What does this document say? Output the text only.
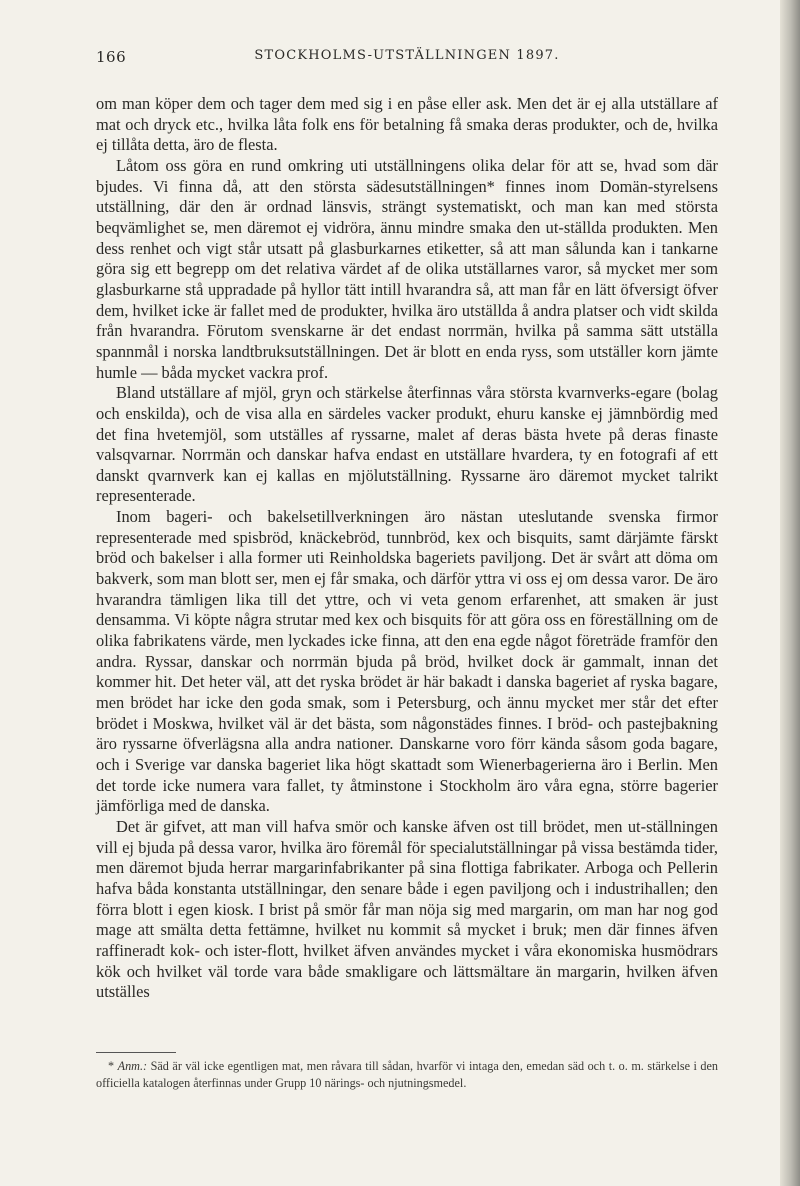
166	STOCKHOLMS-UTSTÄLLNINGEN 1897.

om man köper dem och tager dem med sig i en påse eller ask. Men det är ej alla utställare af mat och dryck etc., hvilka låta folk ens för betalning få smaka deras produkter, och de, hvilka ej tillåta detta, äro de flesta.

Låtom oss göra en rund omkring uti utställningens olika delar för att se, hvad som där bjudes. Vi finna då, att den största sädesutställningen* finnes inom Domän-styrelsens utställning, där den är ordnad länsvis, strängt systematiskt, och man kan med största beqvämlighet se, men däremot ej vidröra, ännu mindre smaka den ut-ställda produkten. Men dess renhet och vigt står utsatt på glasburkarnes etiketter, så att man sålunda kan i tankarne göra sig ett begrepp om det relativa värdet af de olika utställarnes varor, så mycket mer som glasburkarne stå uppradade på hyllor tätt intill hvarandra så, att man får en lätt öfversigt öfver dem, hvilket icke är fallet med de produkter, hvilka äro utställda å andra platser och vidt skilda från hvarandra. Förutom svenskarne är det endast norrmän, hvilka på samma sätt utställa spannmål i norska landtbruksutställningen. Det är blott en enda ryss, som utställer korn jämte humle — båda mycket vackra prof.

Bland utställare af mjöl, gryn och stärkelse återfinnas våra största kvarnverks-egare (bolag och enskilda), och de visa alla en särdeles vacker produkt, ehuru kanske ej jämnbördig med det fina hvetemjöl, som utställes af ryssarne, malet af deras bästa hvete på deras finaste valsqvarnar. Norrmän och danskar hafva endast en utställare hvardera, ty en fotografi af ett danskt qvarnverk kan ej kallas en mjölutställning. Ryssarne äro däremot mycket talrikt representerade.

Inom bageri- och bakelsetillverkningen äro nästan uteslutande svenska firmor representerade med spisbröd, knäckebröd, tunnbröd, kex och bisquits, samt därjämte färskt bröd och bakelser i alla former uti Reinholdska bageriets paviljong. Det är svårt att döma om bakverk, som man blott ser, men ej får smaka, och därför yttra vi oss ej om dessa varor. De äro hvarandra tämligen lika till det yttre, och vi veta genom erfarenhet, att smaken är just densamma. Vi köpte några strutar med kex och bisquits för att göra oss en föreställning om de olika fabrikatens värde, men lyckades icke finna, att den ena egde något företräde framför den andra. Ryssar, danskar och norrmän bjuda på bröd, hvilket dock är gammalt, innan det kommer hit. Det heter väl, att det ryska brödet är här bakadt i danska bageriet af ryska bagare, men brödet har icke den goda smak, som i Petersburg, och ännu mycket mer står det efter brödet i Moskwa, hvilket väl är det bästa, som någonstädes finnes. I bröd- och pastejbakning äro ryssarne öfverlägsna alla andra nationer. Danskarne voro förr kända såsom goda bagare, och i Sverige var danska bageriet lika högt skattadt som Wienerbagerierna äro i Berlin. Men det torde icke numera vara fallet, ty åtminstone i Stockholm äro våra egna, större bagerier jämförliga med de danska.

Det är gifvet, att man vill hafva smör och kanske äfven ost till brödet, men ut-ställningen vill ej bjuda på dessa varor, hvilka äro föremål för specialutställningar på vissa bestämda tider, men däremot bjuda herrar margarinfabrikanter på sina flottiga fabrikater. Arboga och Pellerin hafva båda konstanta utställningar, den senare både i egen paviljong och i industrihallen; den förra blott i egen kiosk. I brist på smör får man nöja sig med margarin, om man har nog god mage att smälta detta fettämne, hvilket nu kommit så mycket i bruk; men där finnes äfven raffineradt kok- och ister-flott, hvilket äfven användes mycket i våra ekonomiska husmödrars kök och hvilket väl torde vara både smakligare och lättsmältare än margarin, hvilken äfven utställes

* Anm.: Säd är väl icke egentligen mat, men råvara till sådan, hvarför vi intaga den, emedan säd och t. o. m. stärkelse i den officiella katalogen återfinnas under Grupp 10 närings- och njutningsmedel.
